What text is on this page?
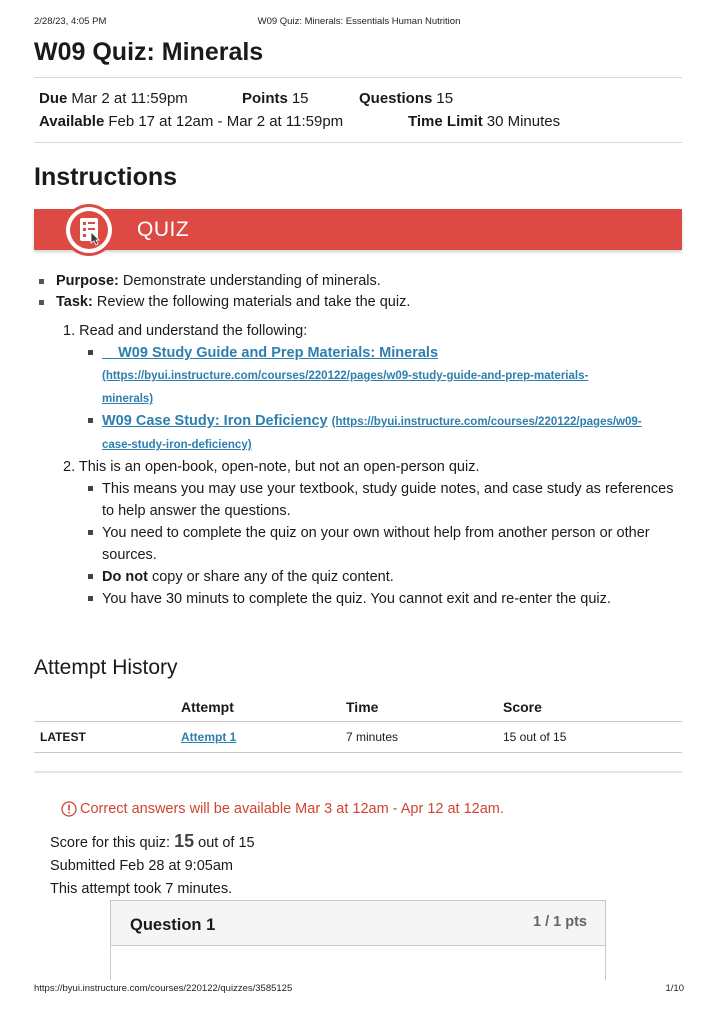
2/28/23, 4:05 PM	W09 Quiz: Minerals: Essentials Human Nutrition
W09 Quiz: Minerals
Due Mar 2 at 11:59pm	Points 15	Questions 15
Available Feb 17 at 12am - Mar 2 at 11:59pm	Time Limit 30 Minutes
Instructions
QUIZ
Purpose: Demonstrate understanding of minerals.
Task: Review the following materials and take the quiz.
1. Read and understand the following:
W09 Study Guide and Prep Materials: Minerals
(https://byui.instructure.com/courses/220122/pages/w09-study-guide-and-prep-materials-
minerals)
W09 Case Study: Iron Deficiency (https://byui.instructure.com/courses/220122/pages/w09-
case-study-iron-deficiency)
2. This is an open-book, open-note, but not an open-person quiz.
This means you may use your textbook, study guide notes, and case study as references
to help answer the questions.
You need to complete the quiz on your own without help from another person or other
sources.
Do not copy or share any of the quiz content.
You have 30 minuts to complete the quiz. You cannot exit and re-enter the quiz.
Attempt History
	Attempt	Time	Score
LATEST	Attempt 1	7 minutes	15 out of 15
Correct answers will be available Mar 3 at 12am - Apr 12 at 12am.
Score for this quiz: 15 out of 15
Submitted Feb 28 at 9:05am
This attempt took 7 minutes.
Question 1	1 / 1 pts
https://byui.instructure.com/courses/220122/quizzes/3585125	1/10
